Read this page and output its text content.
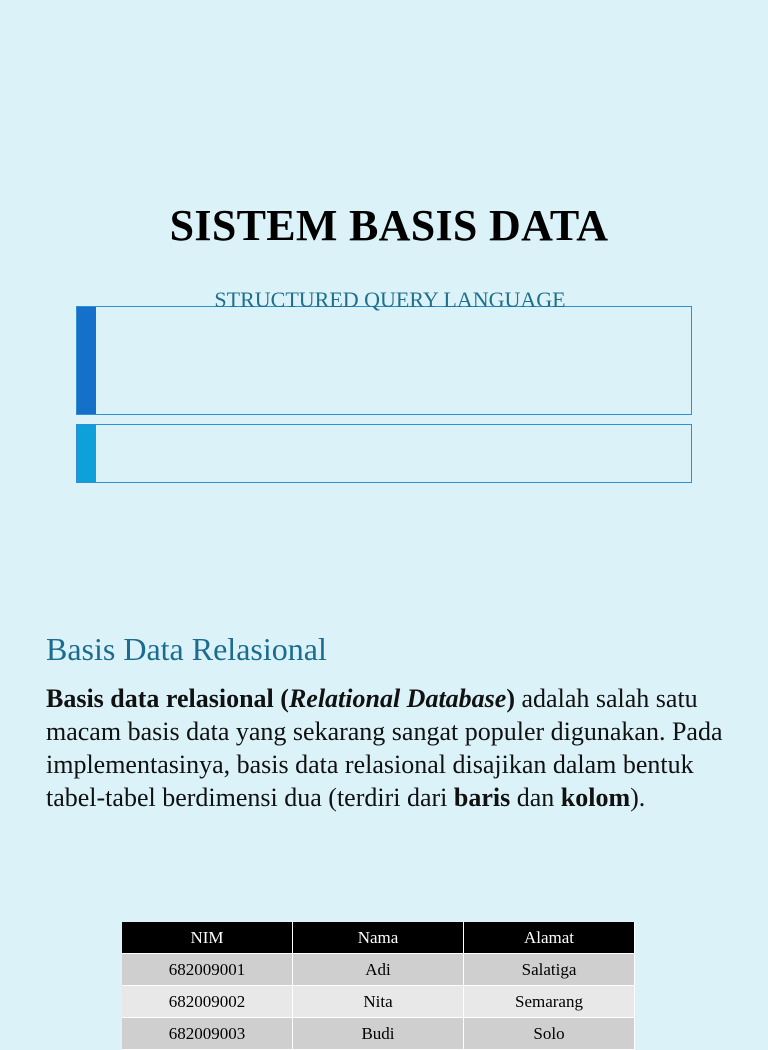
SISTEM BASIS DATA
STRUCTURED QUERY LANGUAGE
Basis Data Relasional
Basis data relasional (Relational Database) adalah salah satu macam basis data yang sekarang sangat populer digunakan. Pada implementasinya, basis data relasional disajikan dalam bentuk tabel-tabel berdimensi dua (terdiri dari baris dan kolom).
NIM	Nama	Alamat
682009001	Adi	Salatiga
682009002	Nita	Semarang
682009003	Budi	Solo
